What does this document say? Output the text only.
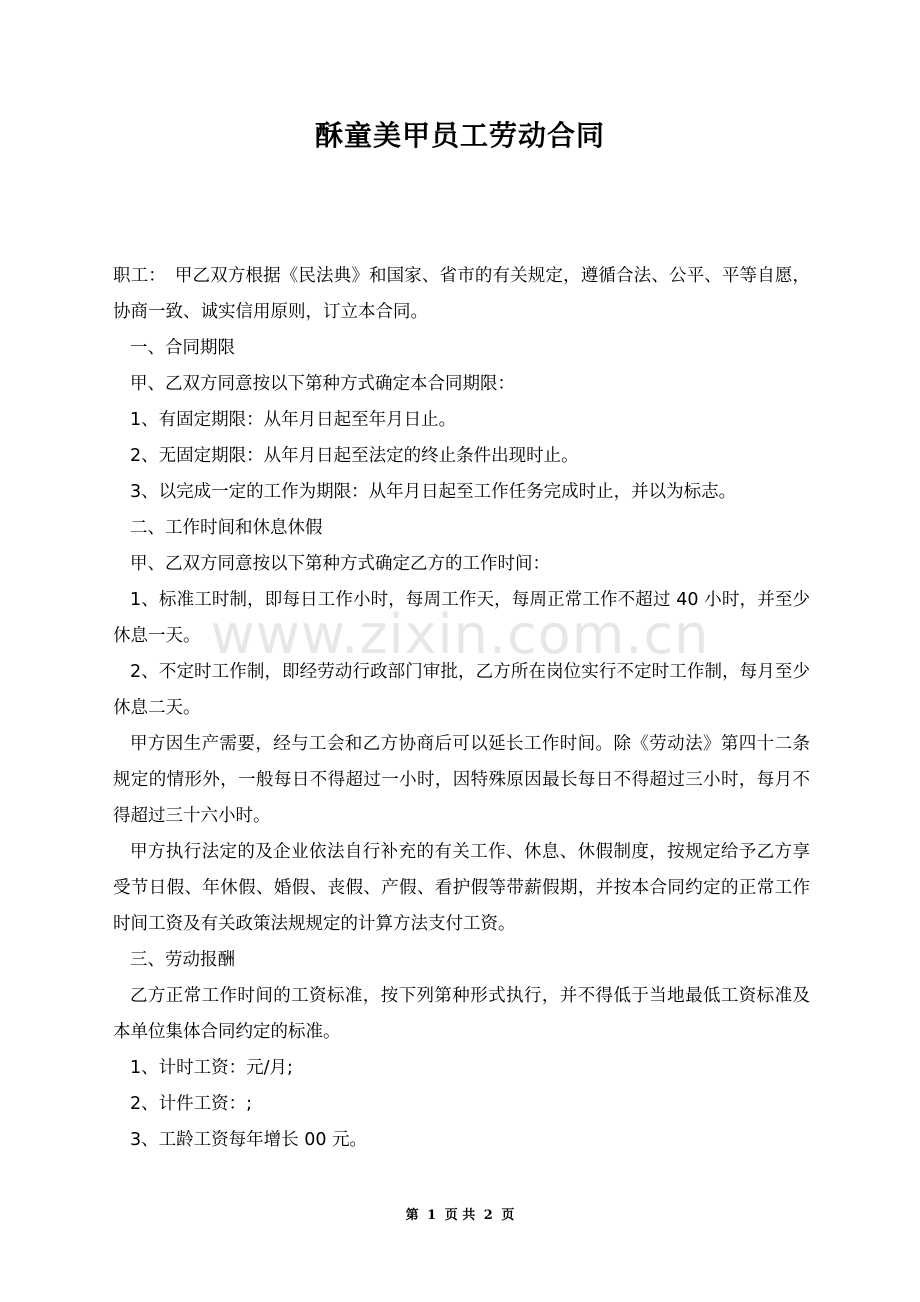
酥童美甲员工劳动合同
www.zixin.com.cn

职工：　甲乙双方根据《民法典》和国家、省市的有关规定，遵循合法、公平、平等自愿，协商一致、诚实信用原则，订立本合同。

一、合同期限

甲、乙双方同意按以下第种方式确定本合同期限：

1、有固定期限：从年月日起至年月日止。

2、无固定期限：从年月日起至法定的终止条件出现时止。

3、以完成一定的工作为期限：从年月日起至工作任务完成时止，并以为标志。

二、工作时间和休息休假

甲、乙双方同意按以下第种方式确定乙方的工作时间：

1、标准工时制，即每日工作小时，每周工作天，每周正常工作不超过 40 小时，并至少休息一天。

2、不定时工作制，即经劳动行政部门审批，乙方所在岗位实行不定时工作制，每月至少休息二天。

甲方因生产需要，经与工会和乙方协商后可以延长工作时间。除《劳动法》第四十二条规定的情形外，一般每日不得超过一小时，因特殊原因最长每日不得超过三小时，每月不得超过三十六小时。

甲方执行法定的及企业依法自行补充的有关工作、休息、休假制度，按规定给予乙方享受节日假、年休假、婚假、丧假、产假、看护假等带薪假期，并按本合同约定的正常工作时间工资及有关政策法规规定的计算方法支付工资。

三、劳动报酬

乙方正常工作时间的工资标准，按下列第种形式执行，并不得低于当地最低工资标准及本单位集体合同约定的标准。

1、计时工资：元/月;

2、计件工资：;

3、工龄工资每年增长 00 元。

第 1 页 共 2 页
